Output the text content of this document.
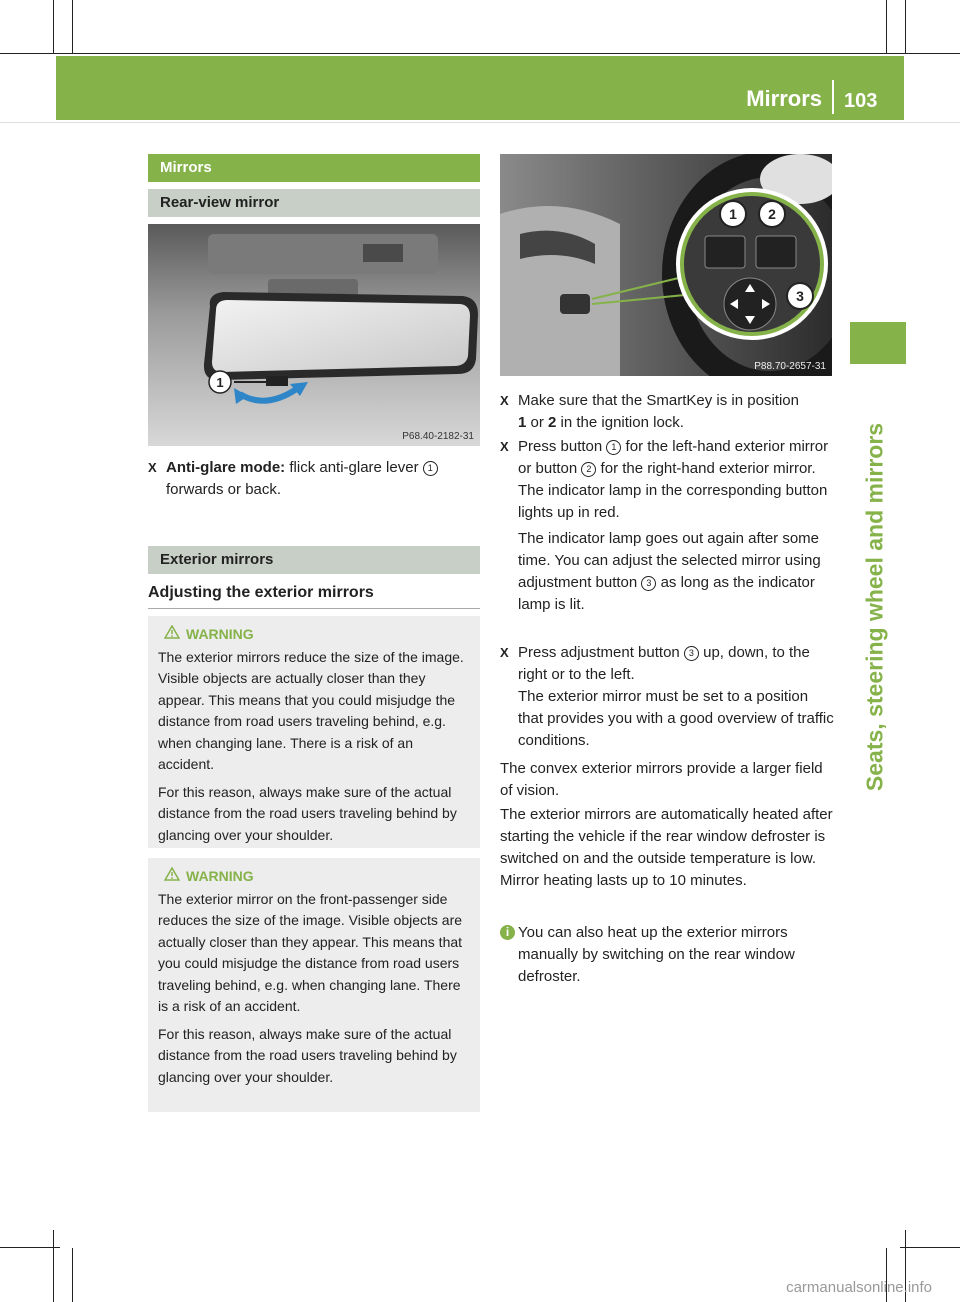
Mirrors 103
Seats, steering wheel and mirrors
Mirrors
Rear-view mirror
1
P68.40-2182-31
X Anti-glare mode: flick anti-glare lever 1
forwards or back.
Exterior mirrors
Adjusting the exterior mirrors
WARNING

The exterior mirrors reduce the size of the image. Visible objects are actually closer than they appear. This means that you could misjudge the distance from road users traveling behind, e.g. when changing lane. There is a risk of an accident.

For this reason, always make sure of the actual distance from the road users traveling behind by glancing over your shoulder.

WARNING

The exterior mirror on the front-passenger side reduces the size of the image. Visible objects are actually closer than they appear. This means that you could misjudge the distance from road users traveling behind, e.g. when changing lane. There is a risk of an accident.

For this reason, always make sure of the actual distance from the road users traveling behind by glancing over your shoulder.

1 2
3
P88.70-2657-31
X Make sure that the SmartKey is in position
1 or 2 in the ignition lock.
X Press button 1 for the left-hand exterior mirror or button 2 for the right-hand exterior mirror.
The indicator lamp in the corresponding button lights up in red.
The indicator lamp goes out again after some time. You can adjust the selected mirror using adjustment button 3 as long as the indicator lamp is lit.
X Press adjustment button 3 up, down, to the right or to the left.
The exterior mirror must be set to a position that provides you with a good overview of traffic conditions.
The convex exterior mirrors provide a larger field of vision.
The exterior mirrors are automatically heated after starting the vehicle if the rear window defroster is switched on and the outside temperature is low. Mirror heating lasts up to 10 minutes.
i You can also heat up the exterior mirrors manually by switching on the rear window defroster.
carmanualsonline.info
